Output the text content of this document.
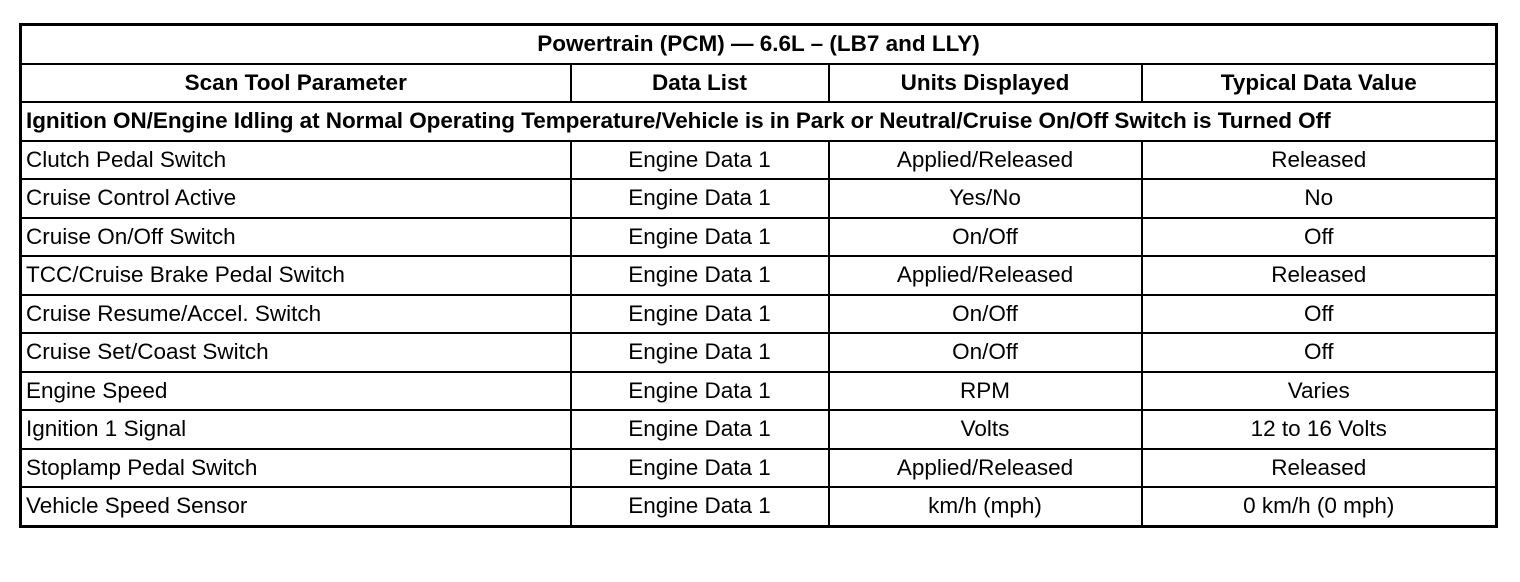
Powertrain (PCM) — 6.6L – (LB7 and LLY)			
Scan Tool Parameter	Data List	Units Displayed	Typical Data Value
Ignition ON/Engine Idling at Normal Operating Temperature/Vehicle is in Park or Neutral/Cruise On/Off Switch is Turned Off			
Clutch Pedal Switch	Engine Data 1	Applied/Released	Released
Cruise Control Active	Engine Data 1	Yes/No	No
Cruise On/Off Switch	Engine Data 1	On/Off	Off
TCC/Cruise Brake Pedal Switch	Engine Data 1	Applied/Released	Released
Cruise Resume/Accel. Switch	Engine Data 1	On/Off	Off
Cruise Set/Coast Switch	Engine Data 1	On/Off	Off
Engine Speed	Engine Data 1	RPM	Varies
Ignition 1 Signal	Engine Data 1	Volts	12 to 16 Volts
Stoplamp Pedal Switch	Engine Data 1	Applied/Released	Released
Vehicle Speed Sensor	Engine Data 1	km/h (mph)	0 km/h (0 mph)
